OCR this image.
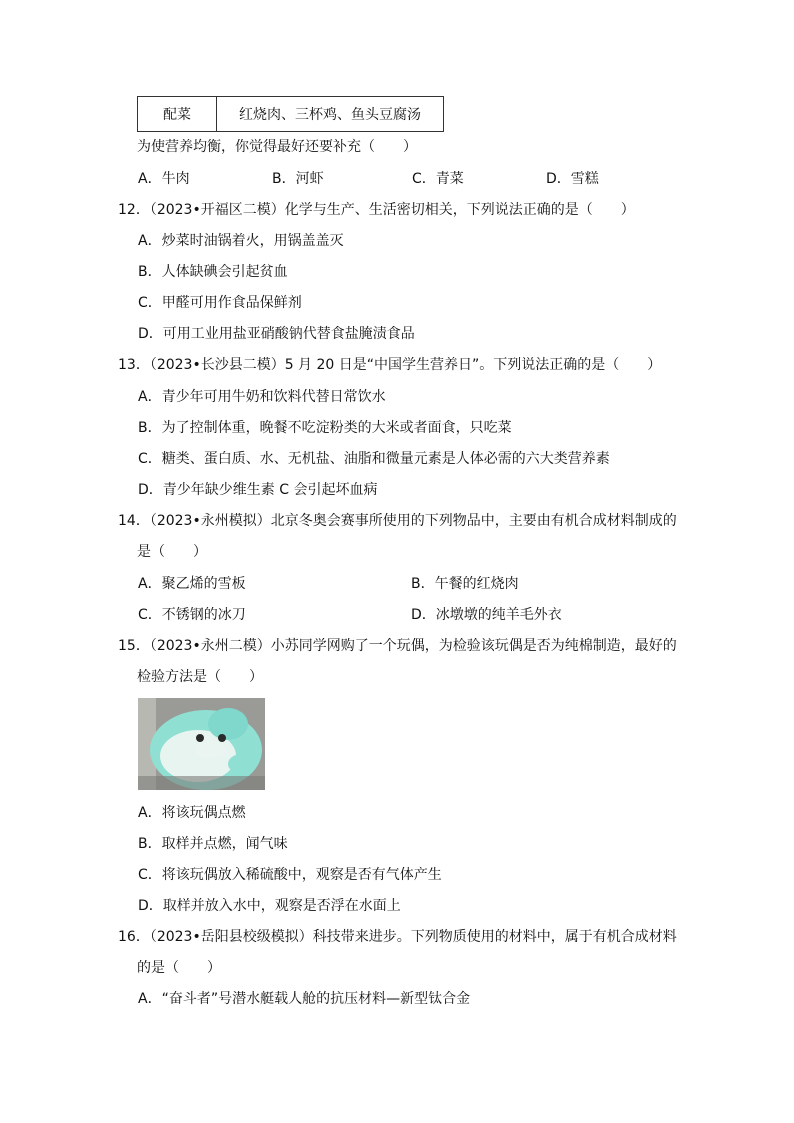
配菜	红烧肉、三杯鸡、鱼头豆腐汤
为使营养均衡，你觉得最好还要补充（　　）
A．牛肉	B．河虾	C．青菜	D．雪糕
12．（2023•开福区二模）化学与生产、生活密切相关，下列说法正确的是（　　）
A．炒菜时油锅着火，用锅盖盖灭
B．人体缺碘会引起贫血
C．甲醛可用作食品保鲜剂
D．可用工业用盐亚硝酸钠代替食盐腌渍食品
13．（2023•长沙县二模）5 月 20 日是“中国学生营养日”。下列说法正确的是（　　）
A．青少年可用牛奶和饮料代替日常饮水
B．为了控制体重，晚餐不吃淀粉类的大米或者面食，只吃菜
C．糖类、蛋白质、水、无机盐、油脂和微量元素是人体必需的六大类营养素
D．青少年缺少维生素 C 会引起坏血病
14．（2023•永州模拟）北京冬奥会赛事所使用的下列物品中，主要由有机合成材料制成的
是（　　）
A．聚乙烯的雪板	B．午餐的红烧肉
C．不锈钢的冰刀	D．冰墩墩的纯羊毛外衣
15．（2023•永州二模）小苏同学网购了一个玩偶，为检验该玩偶是否为纯棉制造，最好的
检验方法是（　　）
A．将该玩偶点燃
B．取样并点燃，闻气味
C．将该玩偶放入稀硫酸中，观察是否有气体产生
D．取样并放入水中，观察是否浮在水面上
16．（2023•岳阳县校级模拟）科技带来进步。下列物质使用的材料中，属于有机合成材料
的是（　　）
A．“奋斗者”号潜水艇载人舱的抗压材料—新型钛合金
